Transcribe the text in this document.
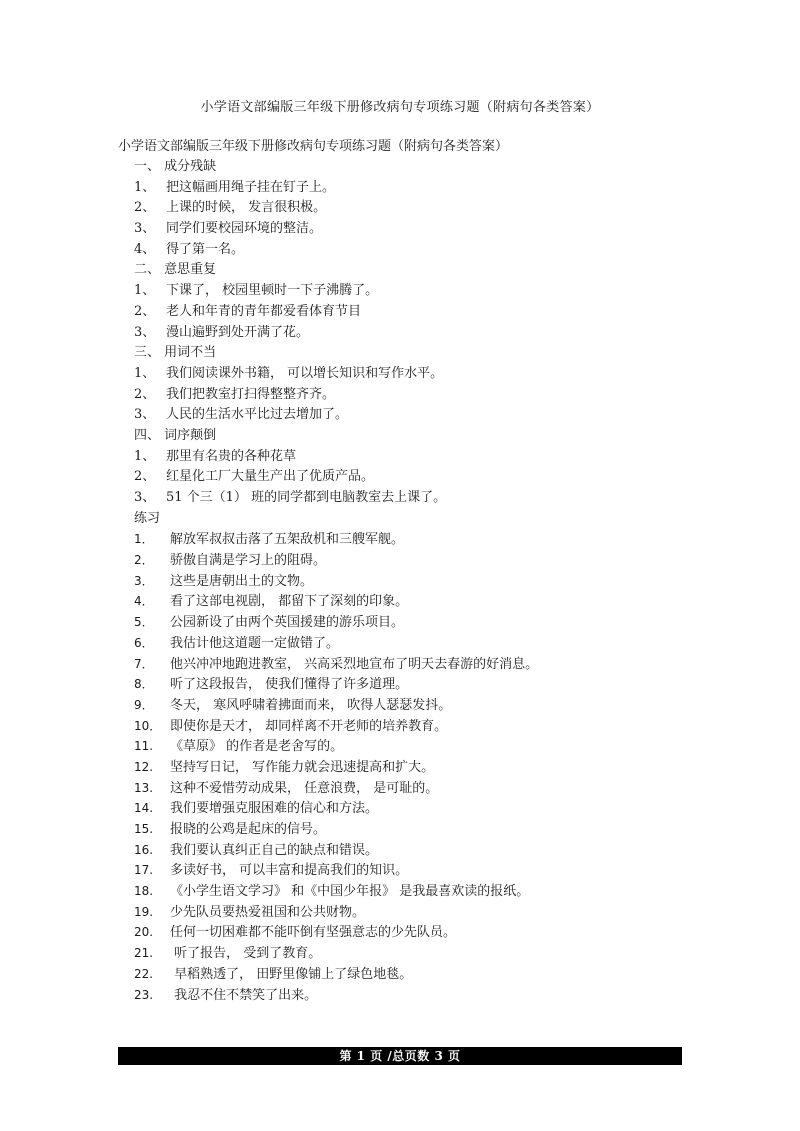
小学语文部编版三年级下册修改病句专项练习题（附病句各类答案）
小学语文部编版三年级下册修改病句专项练习题（附病句各类答案）
一、 成分残缺
1、 把这幅画用绳子挂在钉子上。
2、 上课的时候， 发言很积极。
3、 同学们要校园环境的整洁。
4、 得了第一名。
二、 意思重复
1、 下课了， 校园里顿时一下子沸腾了。
2、 老人和年青的青年都爱看体育节目
3、 漫山遍野到处开满了花。
三、 用词不当
1、 我们阅读课外书籍， 可以增长知识和写作水平。
2、 我们把教室打扫得整整齐齐。
3、 人民的生活水平比过去增加了。
四、 词序颠倒
1、 那里有名贵的各种花草
2、 红星化工厂大量生产出了优质产品。
3、 51 个三（1） 班的同学都到电脑教室去上课了。
练习
1． 解放军叔叔击落了五架敌机和三艘军舰。
2． 骄傲自满是学习上的阻碍。
3． 这些是唐朝出土的文物。
4． 看了这部电视剧， 都留下了深刻的印象。
5． 公园新设了由两个英国援建的游乐项目。
6． 我估计他这道题一定做错了。
7． 他兴冲冲地跑进教室， 兴高采烈地宣布了明天去春游的好消息。
8． 听了这段报告， 使我们懂得了许多道理。
9． 冬天， 寒风呼啸着拂面而来， 吹得人瑟瑟发抖。
10． 即使你是天才， 却同样离不开老师的培养教育。
11. 《草原》 的作者是老舍写的。
12. 坚持写日记， 写作能力就会迅速提高和扩大。
13. 这种不爱惜劳动成果， 任意浪费， 是可耻的。
14. 我们要增强克服困难的信心和方法。
15. 报晓的公鸡是起床的信号。
16. 我们要认真纠正自己的缺点和错误。
17. 多读好书， 可以丰富和提高我们的知识。
18. 《小学生语文学习》 和《中国少年报》 是我最喜欢读的报纸。
19. 少先队员要热爱祖国和公共财物。
20. 任何一切困难都不能吓倒有坚强意志的少先队员。
21. 听了报告， 受到了教育。
22. 早稻熟透了， 田野里像铺上了绿色地毯。
23. 我忍不住不禁笑了出来。
第 1 页 /总页数 3 页
